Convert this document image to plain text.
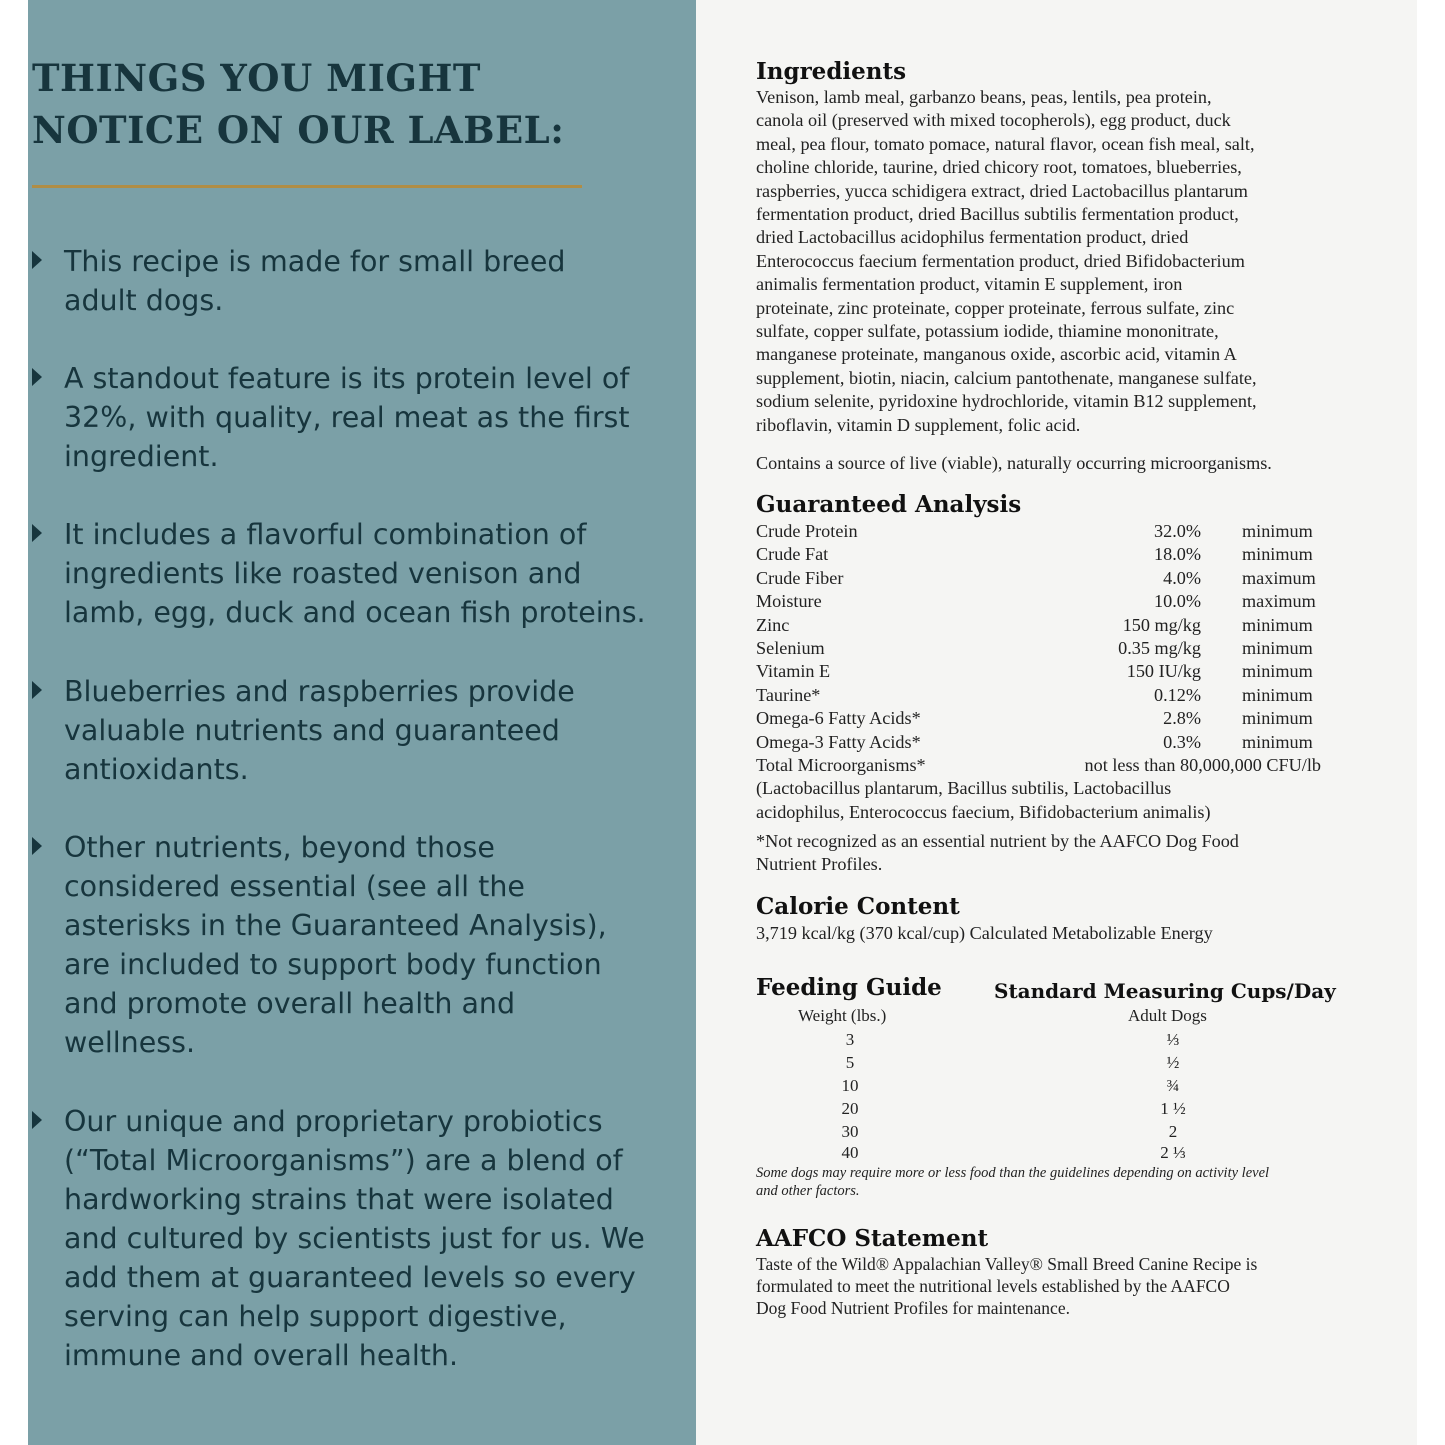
THINGS YOU MIGHT
NOTICE ON OUR LABEL:
This recipe is made for small breed
adult dogs.
A standout feature is its protein level of
32%, with quality, real meat as the first
ingredient.
It includes a flavorful combination of
ingredients like roasted venison and
lamb, egg, duck and ocean fish proteins.
Blueberries and raspberries provide
valuable nutrients and guaranteed
antioxidants.
Other nutrients, beyond those
considered essential (see all the
asterisks in the Guaranteed Analysis),
are included to support body function
and promote overall health and
wellness.
Our unique and proprietary probiotics
(“Total Microorganisms”) are a blend of
hardworking strains that were isolated
and cultured by scientists just for us. We
add them at guaranteed levels so every
serving can help support digestive,
immune and overall health.
Ingredients
Venison, lamb meal, garbanzo beans, peas, lentils, pea protein,
canola oil (preserved with mixed tocopherols), egg product, duck
meal, pea flour, tomato pomace, natural flavor, ocean fish meal, salt,
choline chloride, taurine, dried chicory root, tomatoes, blueberries,
raspberries, yucca schidigera extract, dried Lactobacillus plantarum
fermentation product, dried Bacillus subtilis fermentation product,
dried Lactobacillus acidophilus fermentation product, dried
Enterococcus faecium fermentation product, dried Bifidobacterium
animalis fermentation product, vitamin E supplement, iron
proteinate, zinc proteinate, copper proteinate, ferrous sulfate, zinc
sulfate, copper sulfate, potassium iodide, thiamine mononitrate,
manganese proteinate, manganous oxide, ascorbic acid, vitamin A
supplement, biotin, niacin, calcium pantothenate, manganese sulfate,
sodium selenite, pyridoxine hydrochloride, vitamin B12 supplement,
riboflavin, vitamin D supplement, folic acid.
Contains a source of live (viable), naturally occurring microorganisms.
Guaranteed Analysis
Crude Protein	32.0% minimum
Crude Fat	18.0% minimum
Crude Fiber	4.0% maximum
Moisture	10.0% maximum
Zinc	150 mg/kg minimum
Selenium	0.35 mg/kg minimum
Vitamin E	150 IU/kg minimum
Taurine*	0.12% minimum
Omega-6 Fatty Acids*	2.8% minimum
Omega-3 Fatty Acids*	0.3% minimum
Total Microorganisms*	not less than 80,000,000 CFU/lb
(Lactobacillus plantarum, Bacillus subtilis, Lactobacillus
acidophilus, Enterococcus faecium, Bifidobacterium animalis)
*Not recognized as an essential nutrient by the AAFCO Dog Food
Nutrient Profiles.
Calorie Content
3,719 kcal/kg (370 kcal/cup) Calculated Metabolizable Energy
Feeding Guide	Standard Measuring Cups/Day
Weight (lbs.)	Adult Dogs
3	⅓
5	½
10	¾
20	1 ½
30	2
40	2 ⅓
Some dogs may require more or less food than the guidelines depending on activity level
and other factors.
AAFCO Statement
Taste of the Wild® Appalachian Valley® Small Breed Canine Recipe is
formulated to meet the nutritional levels established by the AAFCO
Dog Food Nutrient Profiles for maintenance.
